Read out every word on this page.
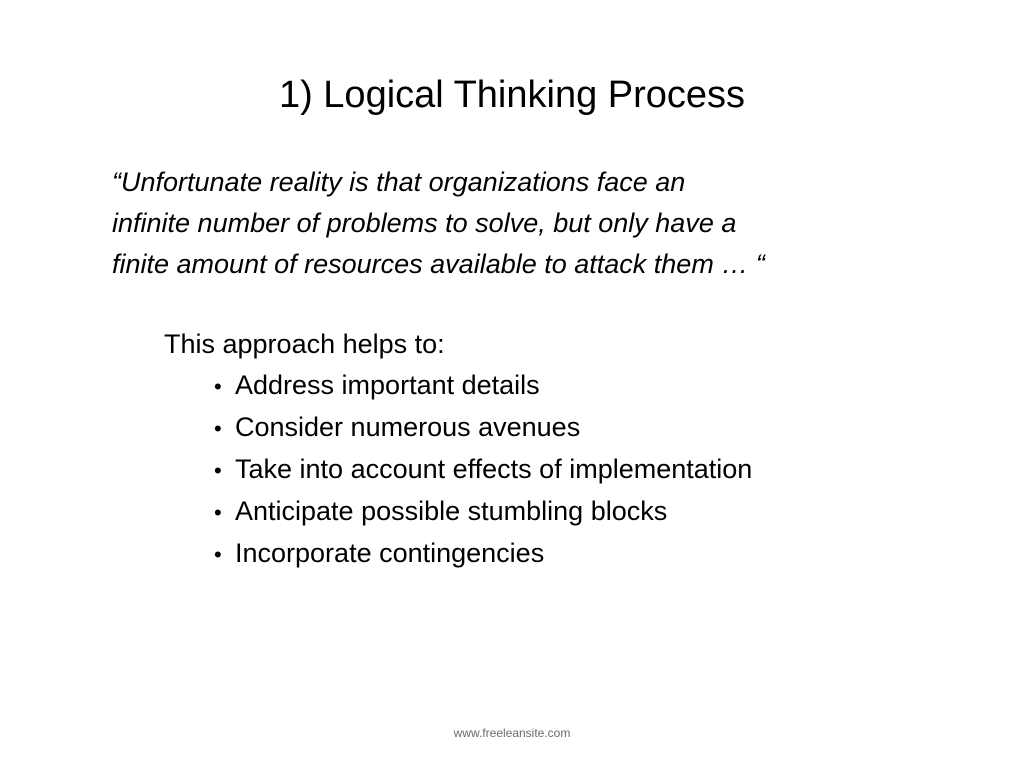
1) Logical Thinking Process
“Unfortunate reality is that organizations face an
infinite number of problems to solve, but only have a
finite amount of resources available to attack them … “
This approach helps to:
• Address important details
• Consider numerous avenues
• Take into account effects of implementation
• Anticipate possible stumbling blocks
• Incorporate contingencies
www.freeleansite.com
